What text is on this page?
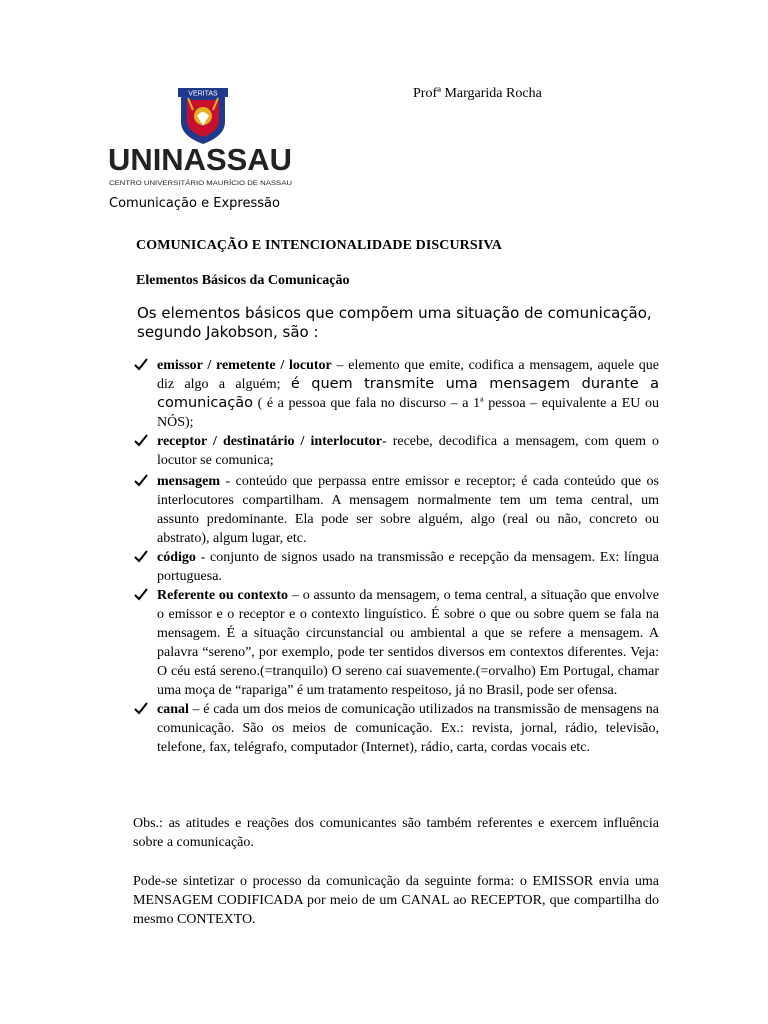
VERITAS
UNINASSAU
CENTRO UNIVERSITÁRIO MAURÍCIO DE NASSAU
Profª Margarida Rocha
Comunicação e Expressão
COMUNICAÇÃO E INTENCIONALIDADE DISCURSIVA
Elementos Básicos da Comunicação
Os elementos básicos que compõem uma situação de comunicação, segundo Jakobson, são :
emissor / remetente / locutor – elemento que emite, codifica a mensagem, aquele que diz algo a alguém; é quem transmite uma mensagem durante a comunicação ( é a pessoa que fala no discurso – a 1$^a$ pessoa – equivalente a EU ou NÓS);
receptor / destinatário / interlocutor- recebe, decodifica a mensagem, com quem o locutor se comunica;
mensagem - conteúdo que perpassa entre emissor e receptor; é cada conteúdo que os interlocutores compartilham. A mensagem normalmente tem um tema central, um assunto predominante. Ela pode ser sobre alguém, algo (real ou não, concreto ou abstrato), algum lugar, etc.
código - conjunto de signos usado na transmissão e recepção da mensagem. Ex: língua portuguesa.
Referente ou contexto – o assunto da mensagem, o tema central, a situação que envolve o emissor e o receptor e o contexto linguístico. É sobre o que ou sobre quem se fala na mensagem. É a situação circunstancial ou ambiental a que se refere a mensagem. A palavra “sereno”, por exemplo, pode ter sentidos diversos em contextos diferentes. Veja: O céu está sereno.(=tranquilo) O sereno cai suavemente.(=orvalho) Em Portugal, chamar uma moça de “rapariga” é um tratamento respeitoso, já no Brasil, pode ser ofensa.
canal – é cada um dos meios de comunicação utilizados na transmissão de mensagens na comunicação. São os meios de comunicação. Ex.: revista, jornal, rádio, televisão, telefone, fax, telégrafo, computador (Internet), rádio, carta, cordas vocais etc.
Obs.: as atitudes e reações dos comunicantes são também referentes e exercem influência sobre a comunicação.
Pode-se sintetizar o processo da comunicação da seguinte forma: o EMISSOR envia uma MENSAGEM CODIFICADA por meio de um CANAL ao RECEPTOR, que compartilha do mesmo CONTEXTO.
